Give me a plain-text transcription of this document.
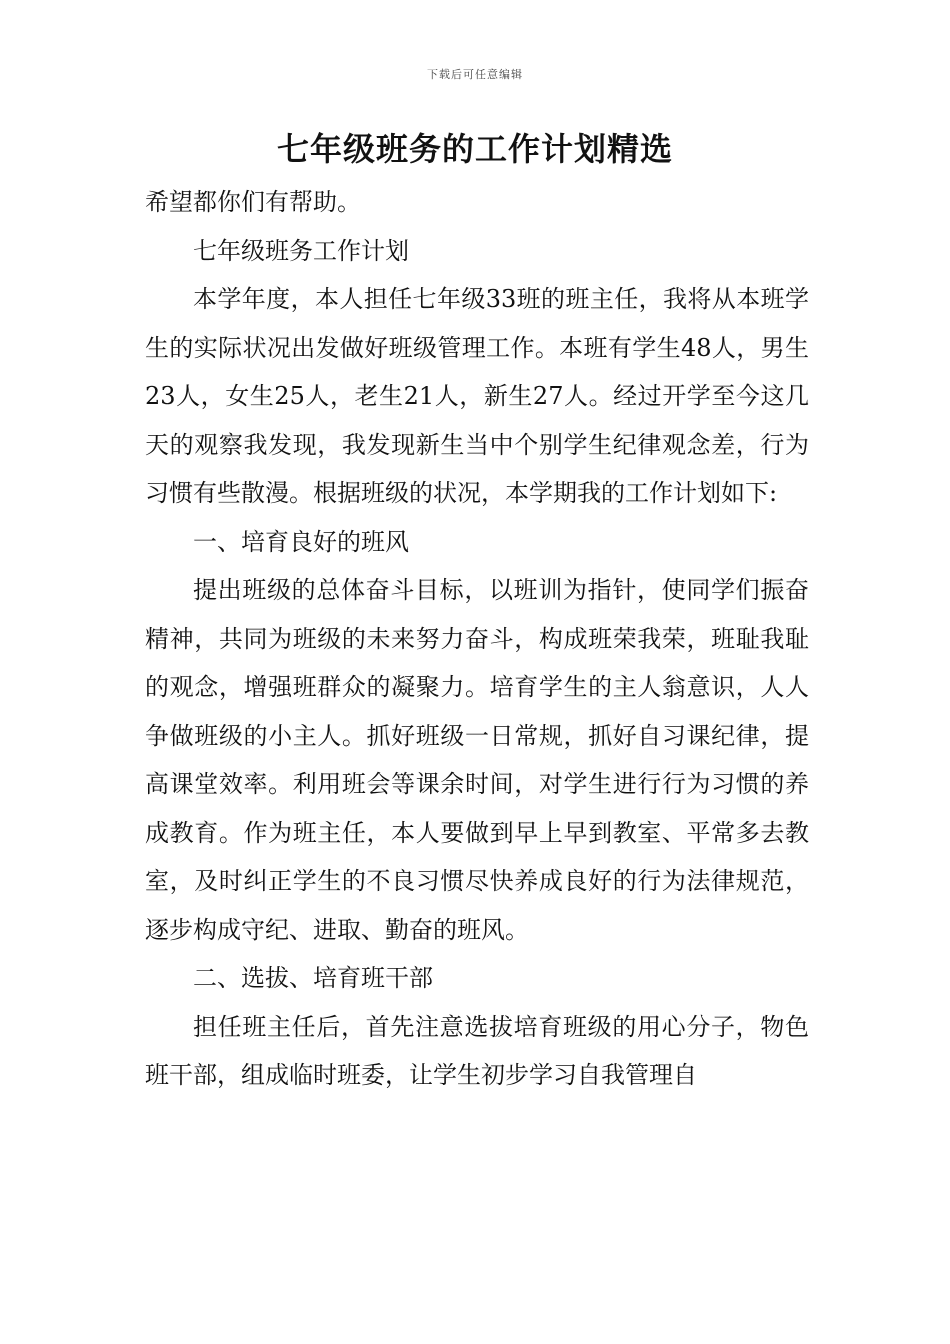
下载后可任意编辑
七年级班务的工作计划精选

希望都你们有帮助。

七年级班务工作计划

本学年度，本人担任七年级33班的班主任，我将从本班学生的实际状况出发做好班级管理工作。本班有学生48人，男生23人，女生25人，老生21人，新生27人。经过开学至今这几天的观察我发现，我发现新生当中个别学生纪律观念差，行为习惯有些散漫。根据班级的状况，本学期我的工作计划如下:

一、培育良好的班风

提出班级的总体奋斗目标，以班训为指针，使同学们振奋精神，共同为班级的未来努力奋斗，构成班荣我荣，班耻我耻的观念，增强班群众的凝聚力。培育学生的主人翁意识，人人争做班级的小主人。抓好班级一日常规，抓好自习课纪律，提高课堂效率。利用班会等课余时间，对学生进行行为习惯的养成教育。作为班主任，本人要做到早上早到教室、平常多去教室，及时纠正学生的不良习惯尽快养成良好的行为法律规范，逐步构成守纪、进取、勤奋的班风。

二、选拔、培育班干部

担任班主任后，首先注意选拔培育班级的用心分子，物色班干部，组成临时班委，让学生初步学习自我管理自
